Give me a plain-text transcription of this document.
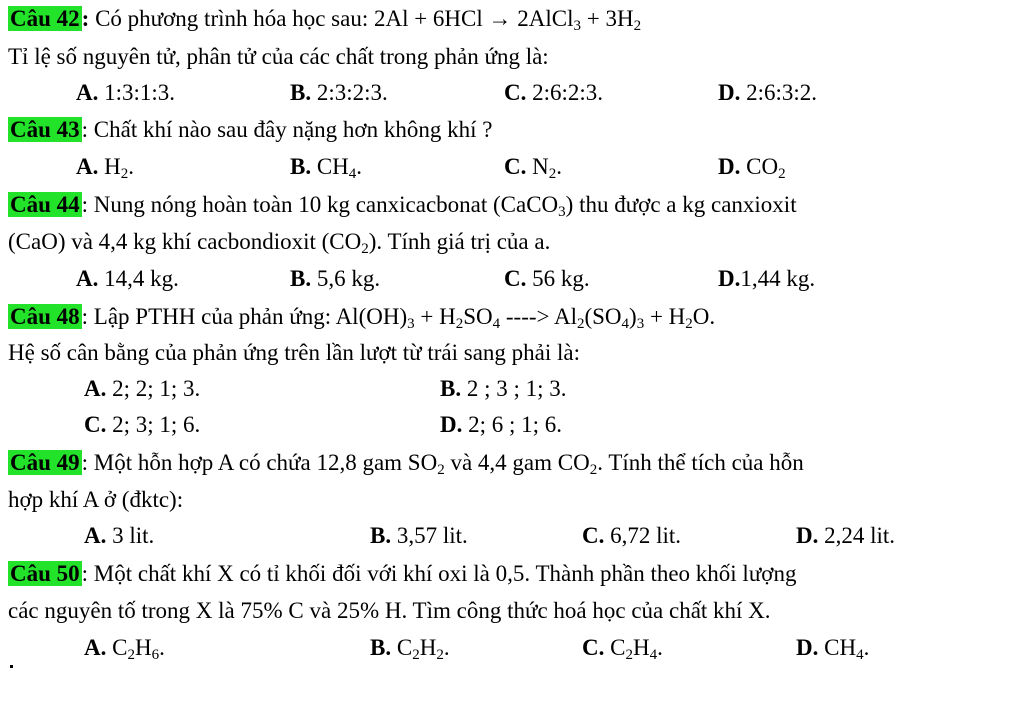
Câu 42: Có phương trình hóa học sau: 2Al + 6HCl → 2AlCl$_3$ + $3H_2$
Tỉ lệ số nguyên tử, phân tử của các chất trong phản ứng là:
A. 1:3:1:3.	B. 2:3:2:3.	C. 2:6:2:3.	D. 2:6:3:2.
Câu 43: Chất khí nào sau đây nặng hơn không khí ?
A. $H_2$.	B. $CH_4$.	C. $N_2$.	D. $CO_2$
Câu 44: Nung nóng hoàn toàn 10 kg canxicacbonat (CaCO$_3$) thu được a kg canxioxit
(CaO) và 4,4 kg khí cacbondioxit $(CO_2)$. Tính giá trị của a.
A. 14,4 kg.	B. 5,6 kg.	C. 56 kg.	D.1,44 kg.
Câu 48: Lập PTHH của phản ứng: $Al(OH)_3 + H_2SO_4$ ----> $Al_2(SO_4)_3 + H_2O$.
Hệ số cân bằng của phản ứng trên lần lượt từ trái sang phải là:
A. 2; 2; 1; 3.	B. 2 ; 3 ; 1; 3.
C. 2; 3; 1; 6.	D. 2; 6 ; 1; 6.
Câu 49: Một hỗn hợp A có chứa 12,8 gam $SO_2$ và 4,4 gam $CO_2$. Tính thể tích của hỗn
hợp khí A ở (đktc):
A. 3 lit.	B. 3,57 lit.	C. 6,72 lit.	D. 2,24 lit.
Câu 50: Một chất khí X có tỉ khối đối với khí oxi là 0,5. Thành phần theo khối lượng
các nguyên tố trong X là 75% C và 25% H. Tìm công thức hoá học của chất khí X.
A. $C_2H_6$.	B. $C_2H_2$.	C. $C_2H_4$.	D. $CH_4$.
